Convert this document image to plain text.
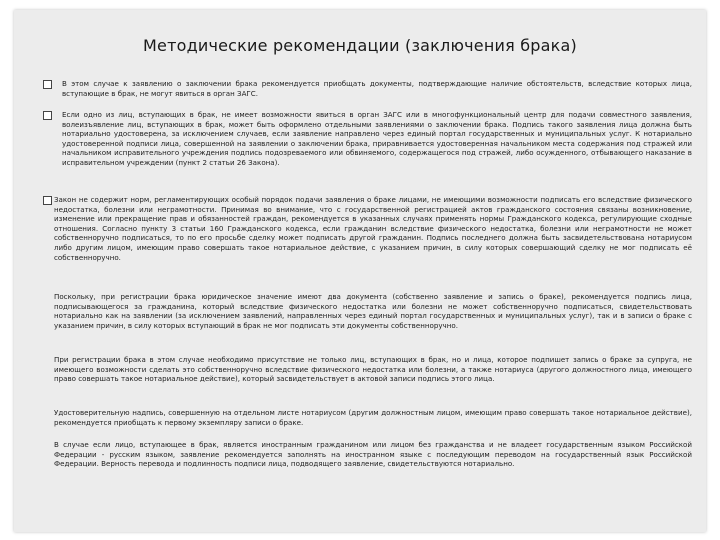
Методические рекомендации (заключения брака)
В этом случае к заявлению о заключении брака рекомендуется приобщать документы, подтверждающие наличие обстоятельств, вследствие которых лица, вступающие в брак, не могут явиться в орган ЗАГС.
Если одно из лиц, вступающих в брак, не имеет возможности явиться в орган ЗАГС или в многофункциональный центр для подачи совместного заявления, волеизъявление лиц, вступающих в брак, может быть оформлено отдельными заявлениями о заключении брака. Подпись такого заявления лица должна быть нотариально удостоверена, за исключением случаев, если заявление направлено через единый портал государственных и муниципальных услуг. К нотариально удостоверенной подписи лица, совершенной на заявлении о заключении брака, приравнивается удостоверенная начальником места содержания под стражей или начальником исправительного учреждения подпись подозреваемого или обвиняемого, содержащегося под стражей, либо осужденного, отбывающего наказание в исправительном учреждении (пункт 2 статьи 26 Закона).
Закон не содержит норм, регламентирующих особый порядок подачи заявления о браке лицами, не имеющими возможности подписать его вследствие физического недостатка, болезни или неграмотности. Принимая во внимание, что с государственной регистрацией актов гражданского состояния связаны возникновение, изменение или прекращение прав и обязанностей граждан, рекомендуется в указанных случаях применять нормы Гражданского кодекса, регулирующие сходные отношения. Согласно пункту 3 статьи 160 Гражданского кодекса, если гражданин вследствие физического недостатка, болезни или неграмотности не может собственноручно подписаться, то по его просьбе сделку может подписать другой гражданин. Подпись последнего должна быть засвидетельствована нотариусом либо другим лицом, имеющим право совершать такое нотариальное действие, с указанием причин, в силу которых совершающий сделку не мог подписать её собственноручно.
Поскольку, при регистрации брака юридическое значение имеют два документа (собственно заявление и запись о браке), рекомендуется подпись лица, подписывающегося за гражданина, который вследствие физического недостатка или болезни не может собственноручно подписаться, свидетельствовать нотариально как на заявлении (за исключением заявлений, направленных через единый портал государственных и муниципальных услуг), так и в записи о браке с указанием причин, в силу которых вступающий в брак не мог подписать эти документы собственноручно.
При регистрации брака в этом случае необходимо присутствие не только лиц, вступающих в брак, но и лица, которое подпишет запись о браке за супруга, не имеющего возможности сделать это собственноручно вследствие физического недостатка или болезни, а также нотариуса (другого должностного лица, имеющего право совершать такое нотариальное действие), который засвидетельствует в актовой записи подпись этого лица.
Удостоверительную надпись, совершенную на отдельном листе нотариусом (другим должностным лицом, имеющим право совершать такое нотариальное действие), рекомендуется приобщать к первому экземпляру записи о браке.
В случае если лицо, вступающее в брак, является иностранным гражданином или лицом без гражданства и не владеет государственным языком Российской Федерации - русским языком, заявление рекомендуется заполнять на иностранном языке с последующим переводом на государственный язык Российской Федерации. Верность перевода и подлинность подписи лица, подводящего заявление, свидетельствуются нотариально.
